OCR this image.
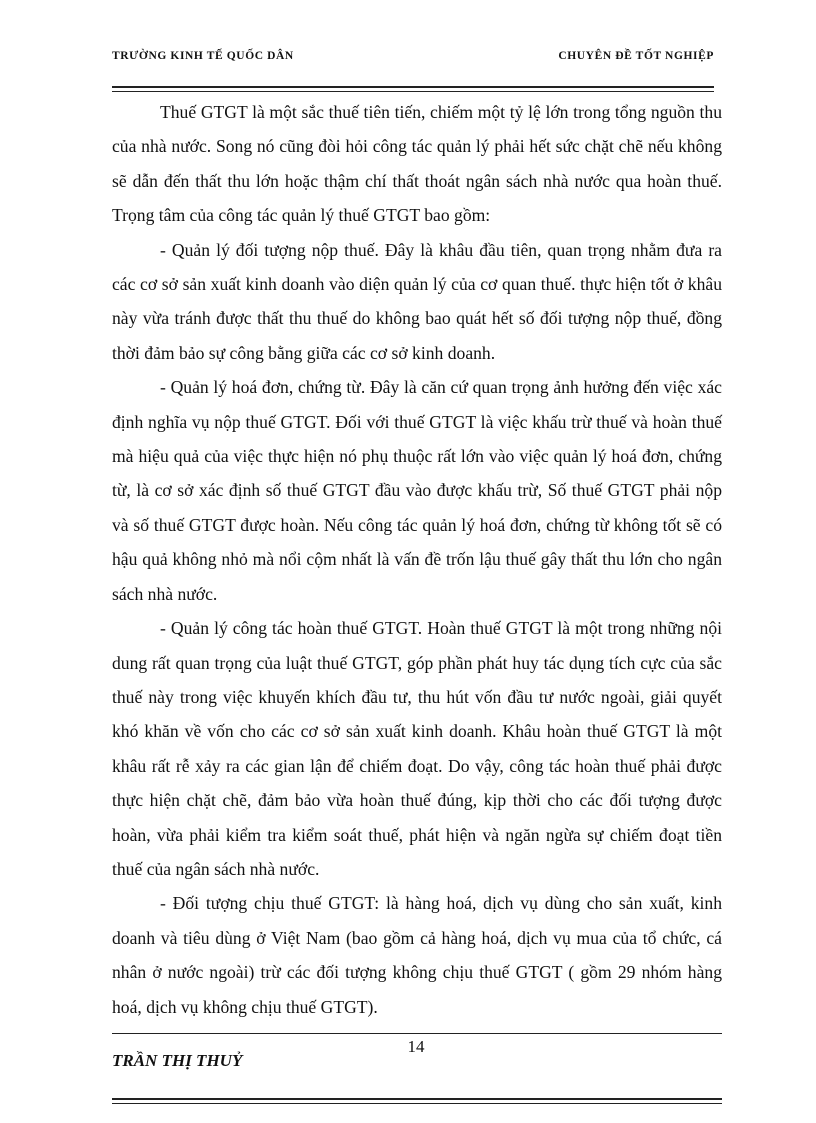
TRƯỜNG KINH TẾ QUỐC DÂN	CHUYÊN ĐỀ TỐT NGHIỆP

Thuế GTGT là một sắc thuế tiên tiến, chiếm một tỷ lệ lớn trong tổng nguồn thu của nhà nước. Song nó cũng đòi hỏi công tác quản lý phải hết sức chặt chẽ nếu không sẽ dẫn đến thất thu lớn hoặc thậm chí thất thoát ngân sách nhà nước qua hoàn thuế. Trọng tâm của công tác quản lý thuế GTGT bao gồm:

- Quản lý đối tượng nộp thuế. Đây là khâu đầu tiên, quan trọng nhằm đưa ra các cơ sở sản xuất kinh doanh vào diện quản lý của cơ quan thuế. thực hiện tốt ở khâu này vừa tránh được thất thu thuế do không bao quát hết số đối tượng nộp thuế, đồng thời đảm bảo sự công bằng giữa các cơ sở kinh doanh.

- Quản lý hoá đơn, chứng từ. Đây là căn cứ quan trọng ảnh hưởng đến việc xác định nghĩa vụ nộp thuế GTGT. Đối với thuế GTGT là việc khấu trừ thuế và hoàn thuế mà hiệu quả của việc thực hiện nó phụ thuộc rất lớn vào việc quản lý hoá đơn, chứng từ, là cơ sở xác định số thuế GTGT đầu vào được khấu trừ, Số thuế GTGT phải nộp và số thuế GTGT được hoàn. Nếu công tác quản lý hoá đơn, chứng từ không tốt sẽ có hậu quả không nhỏ mà nổi cộm nhất là vấn đề trốn lậu thuế gây thất thu lớn cho ngân sách nhà nước.

- Quản lý công tác hoàn thuế GTGT. Hoàn thuế GTGT là một trong những nội dung rất quan trọng của luật thuế GTGT, góp phần phát huy tác dụng tích cực của sắc thuế này trong việc khuyến khích đầu tư, thu hút vốn đầu tư nước ngoài, giải quyết khó khăn về vốn cho các cơ sở sản xuất kinh doanh. Khâu hoàn thuế GTGT là một khâu rất rễ xảy ra các gian lận để chiếm đoạt. Do vậy, công tác hoàn thuế phải được thực hiện chặt chẽ, đảm bảo vừa hoàn thuế đúng, kịp thời cho các đối tượng được hoàn, vừa phải kiểm tra kiểm soát thuế, phát hiện và ngăn ngừa sự chiếm đoạt tiền thuế của ngân sách nhà nước.

- Đối tượng chịu thuế GTGT: là hàng hoá, dịch vụ dùng cho sản xuất, kinh doanh và tiêu dùng ở Việt Nam (bao gồm cả hàng hoá, dịch vụ mua của tổ chức, cá nhân ở nước ngoài) trừ các đối tượng không chịu thuế GTGT ( gồm 29 nhóm hàng hoá, dịch vụ không chịu thuế GTGT).

14
TRẦN THỊ THUỶ
